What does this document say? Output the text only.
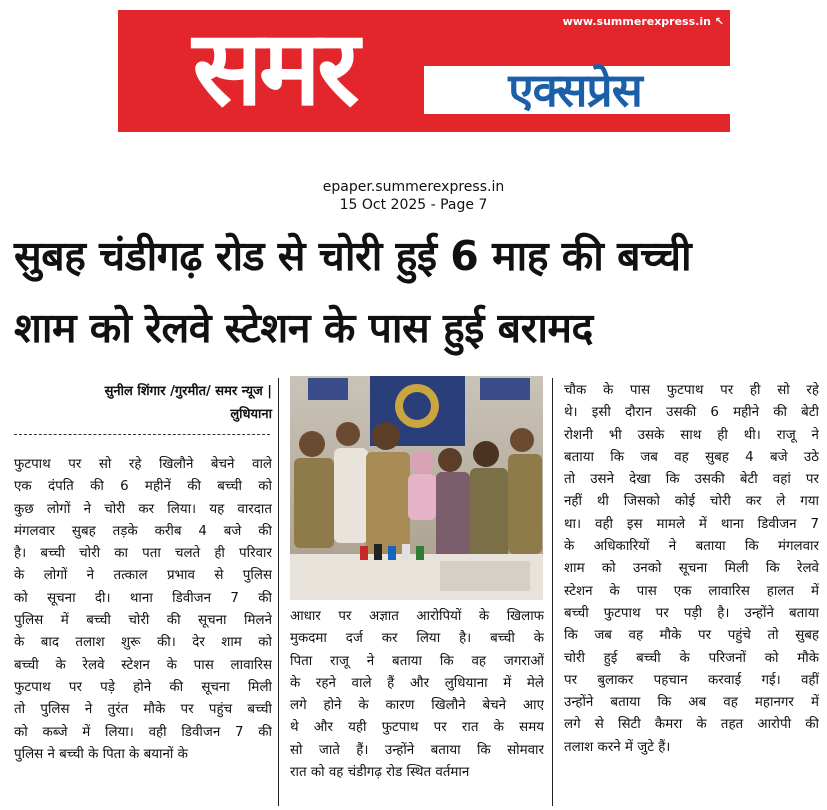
समर	एक्सप्रेस
www.summerexpress.in ↖
epaper.summerexpress.in
15 Oct 2025 - Page 7
सुबह चंडीगढ़ रोड से चोरी हुई 6 माह की बच्ची
शाम को रेलवे स्टेशन के पास हुई बरामद
सुनील शिंगार /गुरमीत/ समर न्यूज |
लुधियाना
फुटपाथ पर सो रहे खिलौने बेचने वाले
एक दंपति की 6 महीनें की बच्ची को
कुछ लोगों ने चोरी कर लिया। यह वारदात
मंगलवार सुबह तड़के करीब 4 बजे की
है। बच्ची चोरी का पता चलते ही परिवार
के लोगों ने तत्काल प्रभाव से पुलिस
को सूचना दी। थाना डिवीजन 7 की
पुलिस में बच्ची चोरी की सूचना मिलने
के बाद तलाश शुरू की। देर शाम को
बच्ची के रेलवे स्टेशन के पास लावारिस
फुटपाथ पर पड़े होने की सूचना मिली
तो पुलिस ने तुरंत मौके पर पहुंच बच्ची
को कब्जे में लिया। वही डिवीजन 7 की
पुलिस ने बच्ची के पिता के बयानों के
आधार पर अज्ञात आरोपियों के खिलाफ
मुकदमा दर्ज कर लिया है। बच्ची के
पिता राजू ने बताया कि वह जगराओं
के रहने वाले हैं और लुधियाना में मेले
लगे होने के कारण खिलौने बेचने आए
थे और यही फुटपाथ पर रात के समय
सो जाते हैं। उन्होंने बताया कि सोमवार
रात को वह चंडीगढ़ रोड स्थित वर्तमान
चौक के पास फुटपाथ पर ही सो रहे
थे। इसी दौरान उसकी 6 महीने की बेटी
रोशनी भी उसके साथ ही थी। राजू ने
बताया कि जब वह सुबह 4 बजे उठे
तो उसने देखा कि उसकी बेटी वहां पर
नहीं थी जिसको कोई चोरी कर ले गया
था। वही इस मामले में थाना डिवीजन 7
के अधिकारियों ने बताया कि मंगलवार
शाम को उनको सूचना मिली कि रेलवे
स्टेशन के पास एक लावारिस हालत में
बच्ची फुटपाथ पर पड़ी है। उन्होंने बताया
कि जब वह मौके पर पहुंचे तो सुबह
चोरी हुई बच्ची के परिजनों को मौके
पर बुलाकर पहचान करवाई गई। वहीं
उन्होंने बताया कि अब वह महानगर में
लगे से सिटी कैमरा के तहत आरोपी की
तलाश करने में जुटे हैं।
